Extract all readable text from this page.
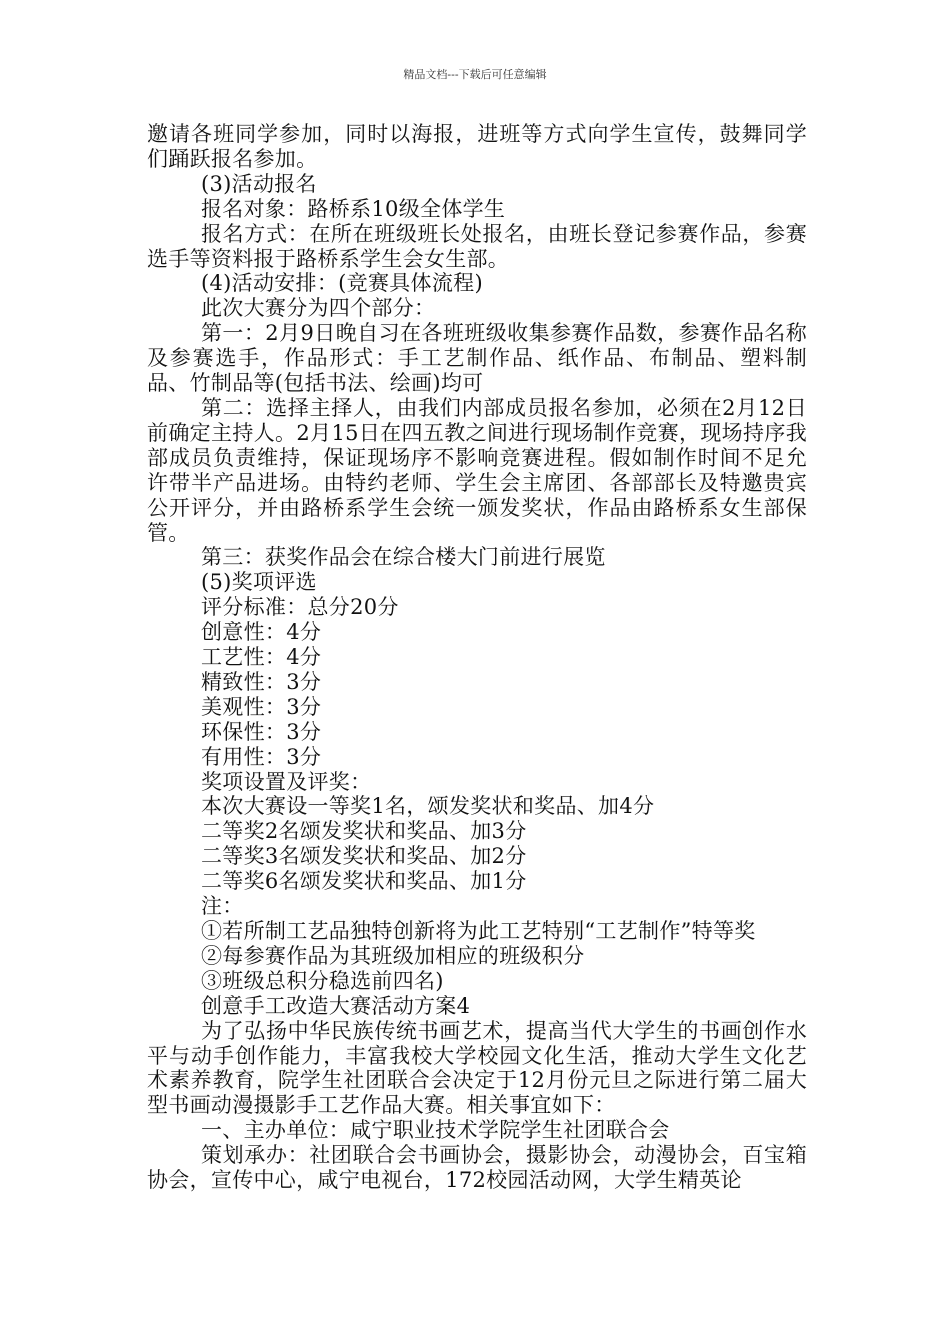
精品文档---下载后可任意编辑

邀请各班同学参加，同时以海报，进班等方式向学生宣传，鼓舞同学们踊跃报名参加。

(3)活动报名

报名对象：路桥系10级全体学生

报名方式：在所在班级班长处报名，由班长登记参赛作品，参赛选手等资料报于路桥系学生会女生部。

(4)活动安排：(竞赛具体流程)

此次大赛分为四个部分：

第一：2月9日晚自习在各班班级收集参赛作品数，参赛作品名称及参赛选手，作品形式：手工艺制作品、纸作品、布制品、塑料制品、竹制品等(包括书法、绘画)均可

第二：选择主择人，由我们内部成员报名参加，必须在2月12日前确定主持人。2月15日在四五教之间进行现场制作竞赛，现场持序我部成员负责维持，保证现场序不影响竞赛进程。假如制作时间不足允许带半产品进场。由特约老师、学生会主席团、各部部长及特邀贵宾公开评分，并由路桥系学生会统一颁发奖状，作品由路桥系女生部保管。

第三：获奖作品会在综合楼大门前进行展览

(5)奖项评选

评分标准：总分20分

创意性：4分

工艺性：4分

精致性：3分

美观性：3分

环保性：3分

有用性：3分

奖项设置及评奖：

本次大赛设一等奖1名，颂发奖状和奖品、加4分

二等奖2名颂发奖状和奖品、加3分

二等奖3名颂发奖状和奖品、加2分

二等奖6名颂发奖状和奖品、加1分

注：

①若所制工艺品独特创新将为此工艺特别“工艺制作”特等奖

②每参赛作品为其班级加相应的班级积分

③班级总积分稳选前四名)

创意手工改造大赛活动方案4

为了弘扬中华民族传统书画艺术，提高当代大学生的书画创作水平与动手创作能力，丰富我校大学校园文化生活，推动大学生文化艺术素养教育，院学生社团联合会决定于12月份元旦之际进行第二届大型书画动漫摄影手工艺作品大赛。相关事宜如下：

一、主办单位：咸宁职业技术学院学生社团联合会

策划承办：社团联合会书画协会，摄影协会，动漫协会，百宝箱协会，宣传中心，咸宁电视台，172校园活动网，大学生精英论
